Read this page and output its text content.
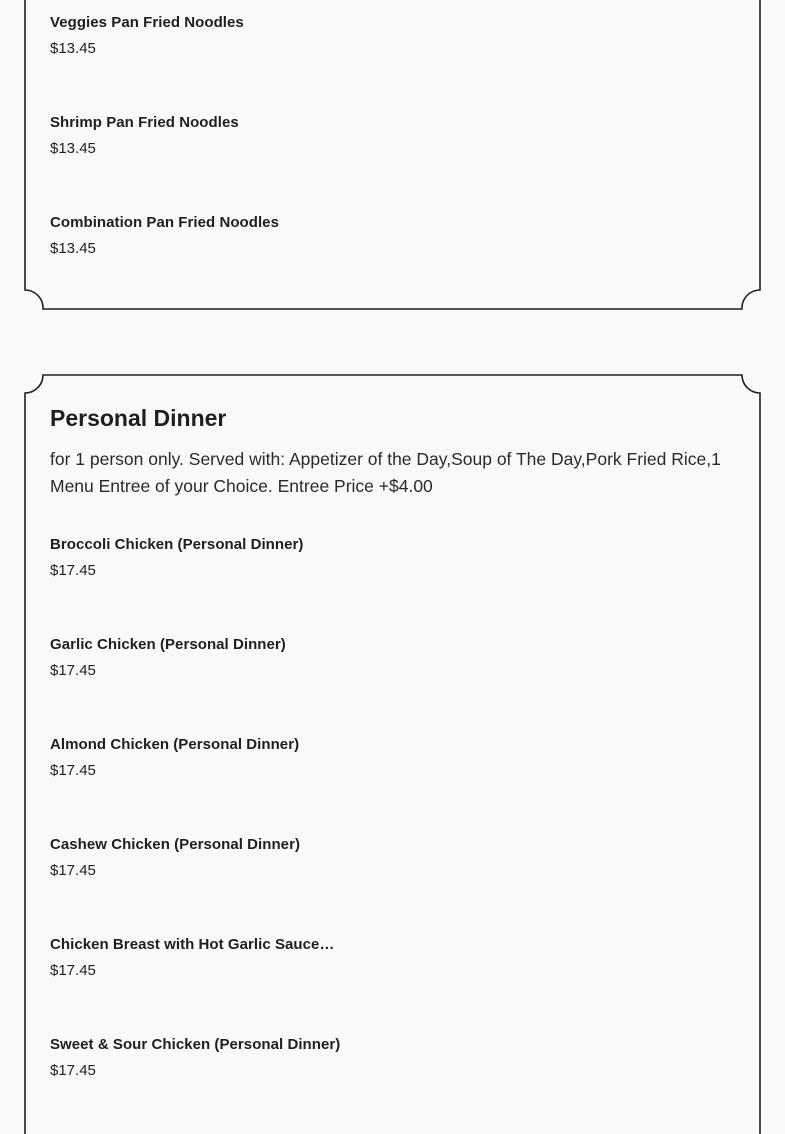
Veggies Pan Fried Noodles
$13.45
Shrimp Pan Fried Noodles
$13.45
Combination Pan Fried Noodles
$13.45
Personal Dinner

for 1 person only. Served with: Appetizer of the Day,Soup of The Day,Pork Fried Rice,1 Menu Entree of your Choice. Entree Price +$4.00

Broccoli Chicken (Personal Dinner)
$17.45
Garlic Chicken (Personal Dinner)
$17.45
Almond Chicken (Personal Dinner)
$17.45
Cashew Chicken (Personal Dinner)
$17.45
Chicken Breast with Hot Garlic Sauce…
$17.45
Sweet & Sour Chicken (Personal Dinner)
$17.45
